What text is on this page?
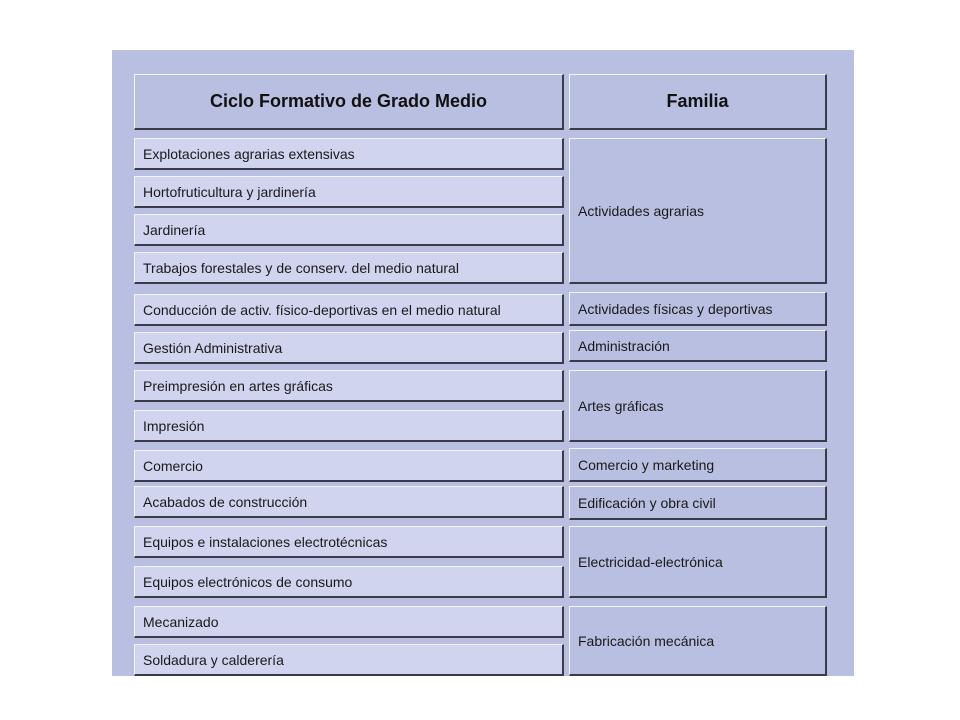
Ciclo Formativo de Grado Medio	Familia
Explotaciones agrarias extensivas
Hortofruticultura y jardinería
Jardinería
Trabajos forestales y de conserv. del medio natural
Conducción de activ. físico-deportivas en el medio natural
Gestión Administrativa
Preimpresión en artes gráficas
Impresión
Comercio
Acabados de construcción
Equipos e instalaciones electrotécnicas
Equipos electrónicos de consumo
Mecanizado
Soldadura y calderería
Actividades agrarias
Actividades físicas y deportivas
Administración
Artes gráficas
Comercio y marketing
Edificación y obra civil
Electricidad-electrónica
Fabricación mecánica
